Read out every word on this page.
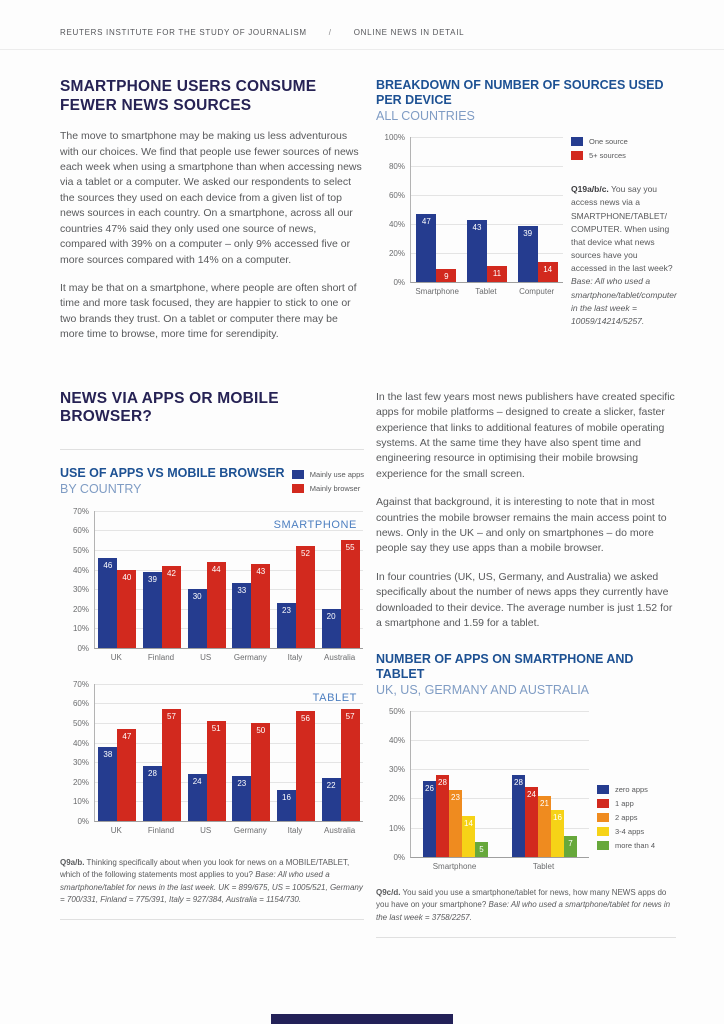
REUTERS INSTITUTE FOR THE STUDY OF JOURNALISM	/	ONLINE NEWS IN DETAIL
SMARTPHONE USERS CONSUME FEWER NEWS SOURCES

The move to smartphone may be making us less adventurous with our choices. We find that people use fewer sources of news each week when using a smartphone than when accessing news via a tablet or a computer. We asked our respondents to select the sources they used on each device from a given list of top news sources in each country. On a smartphone, across all our countries 47% said they only used one source of news, compared with 39% on a computer – only 9% accessed five or more sources compared with 14% on a computer.

It may be that on a smartphone, where people are often short of time and more task focused, they are happier to stick to one or two brands they trust. On a tablet or computer there may be more time to browse, more time for serendipity.

BREAKDOWN OF NUMBER OF SOURCES USED PER DEVICE
ALL COUNTRIES
0%
20%
40%
60%
80%
100%
47
9
43
11
39
14
Smartphone	Tablet	Computer
One source
5+ sources

Q19a/b/c. You say you access news via a SMARTPHONE/TABLET/ COMPUTER. When using that device what news sources have you accessed in the last week? Base: All who used a smartphone/tablet/computer in the last week = 10059/14214/5257.

NEWS VIA APPS OR MOBILE BROWSER?
USE OF APPS VS MOBILE BROWSER
BY COUNTRY
Mainly use apps
Mainly browser
0%
10%
20%
30%
40%
50%
60%
70%
46
40	39
42
30
44
33
43
23
52
20
55
SMARTPHONE
UK	Finland	US	Germany	Italy	Australia
0%
10%
20%
30%
40%
50%
60%
70%
38
47
28
57
24
51
23
50
16
56
22
57
TABLET
UK	Finland	US	Germany	Italy	Australia

Q9a/b. Thinking specifically about when you look for news on a MOBILE/TABLET, which of the following statements most applies to you? Base: All who used a smartphone/tablet for news in the last week. UK = 899/675, US = 1005/521, Germany = 700/331, Finland = 775/391, Italy = 927/384, Australia = 1154/730.

In the last few years most news publishers have created specific apps for mobile platforms – designed to create a slicker, faster experience that links to additional features of mobile operating systems. At the same time they have also spent time and engineering resource in optimising their mobile browsing experience for the small screen.

Against that background, it is interesting to note that in most countries the mobile browser remains the main access point to news. Only in the UK – and only on smartphones – do more people say they use apps than a mobile browser.

In four countries (UK, US, Germany, and Australia) we asked specifically about the number of news apps they currently have downloaded to their device. The average number is just 1.52 for a smartphone and 1.59 for a tablet.

NUMBER OF APPS ON SMARTPHONE AND TABLET
UK, US, GERMANY AND AUSTRALIA
0%
10%
20%
30%
40%
50%
26
28
23
14
5
28
24
21
16
7
Smartphone	Tablet
zero apps
1 app
2 apps
3-4 apps
more than 4

Q9c/d. You said you use a smartphone/tablet for news, how many NEWS apps do you have on your smartphone? Base: All who used a smartphone/tablet for news in the last week = 3758/2257.
